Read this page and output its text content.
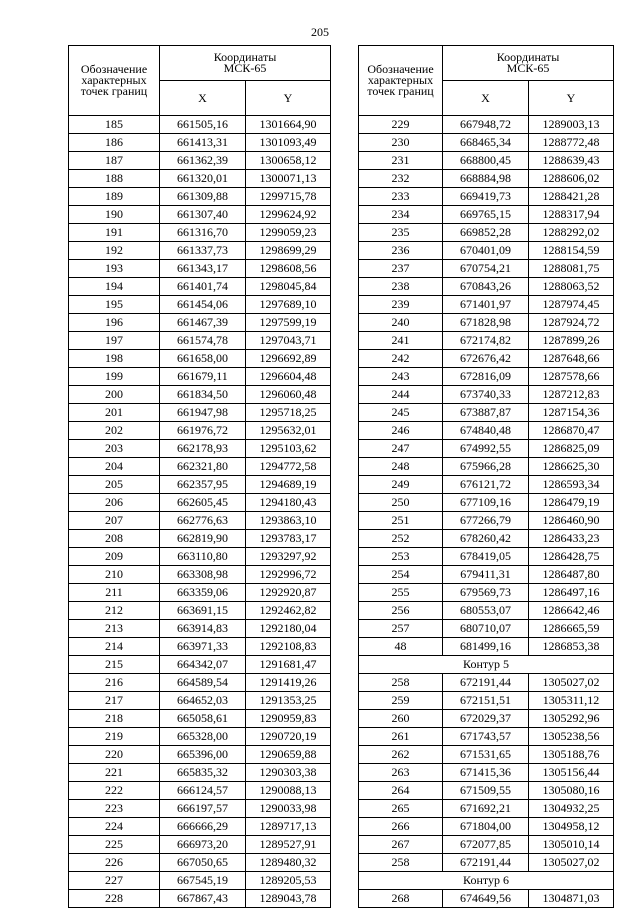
205
Обозначение характерных точек границ	Координаты МСК-65	
	X	Y
185	661505,16	1301664,90
186	661413,31	1301093,49
187	661362,39	1300658,12
188	661320,01	1300071,13
189	661309,88	1299715,78
190	661307,40	1299624,92
191	661316,70	1299059,23
192	661337,73	1298699,29
193	661343,17	1298608,56
194	661401,74	1298045,84
195	661454,06	1297689,10
196	661467,39	1297599,19
197	661574,78	1297043,71
198	661658,00	1296692,89
199	661679,11	1296604,48
200	661834,50	1296060,48
201	661947,98	1295718,25
202	661976,72	1295632,01
203	662178,93	1295103,62
204	662321,80	1294772,58
205	662357,95	1294689,19
206	662605,45	1294180,43
207	662776,63	1293863,10
208	662819,90	1293783,17
209	663110,80	1293297,92
210	663308,98	1292996,72
211	663359,06	1292920,87
212	663691,15	1292462,82
213	663914,83	1292180,04
214	663971,33	1292108,83
215	664342,07	1291681,47
216	664589,54	1291419,26
217	664652,03	1291353,25
218	665058,61	1290959,83
219	665328,00	1290720,19
220	665396,00	1290659,88
221	665835,32	1290303,38
222	666124,57	1290088,13
223	666197,57	1290033,98
224	666666,29	1289717,13
225	666973,20	1289527,91
226	667050,65	1289480,32
227	667545,19	1289205,53
228	667867,43	1289043,78
Обозначение характерных точек границ	Координаты МСК-65	
	X	Y
229	667948,72	1289003,13
230	668465,34	1288772,48
231	668800,45	1288639,43
232	668884,98	1288606,02
233	669419,73	1288421,28
234	669765,15	1288317,94
235	669852,28	1288292,02
236	670401,09	1288154,59
237	670754,21	1288081,75
238	670843,26	1288063,52
239	671401,97	1287974,45
240	671828,98	1287924,72
241	672174,82	1287899,26
242	672676,42	1287648,66
243	672816,09	1287578,66
244	673740,33	1287212,83
245	673887,87	1287154,36
246	674840,48	1286870,47
247	674992,55	1286825,09
248	675966,28	1286625,30
249	676121,72	1286593,34
250	677109,16	1286479,19
251	677266,79	1286460,90
252	678260,42	1286433,23
253	678419,05	1286428,75
254	679411,31	1286487,80
255	679569,73	1286497,16
256	680553,07	1286642,46
257	680710,07	1286665,59
48	681499,16	1286853,38
Контур 5		
258	672191,44	1305027,02
259	672151,51	1305311,12
260	672029,37	1305292,96
261	671743,57	1305238,56
262	671531,65	1305188,76
263	671415,36	1305156,44
264	671509,55	1305080,16
265	671692,21	1304932,25
266	671804,00	1304958,12
267	672077,85	1305010,14
258	672191,44	1305027,02
Контур 6		
268	674649,56	1304871,03
